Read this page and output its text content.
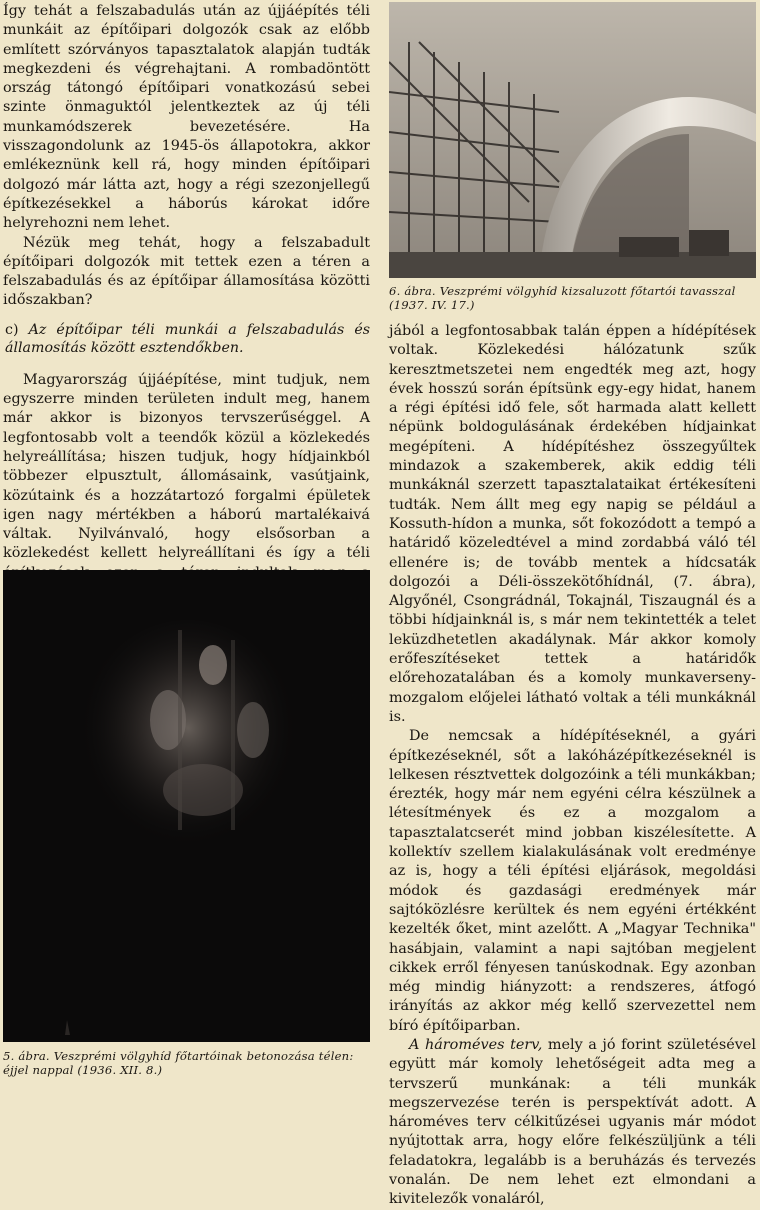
Így tehát a felszabadulás után az újjáépítés téli munkáit az építőipari dolgozók csak az előbb említett szórványos tapasztalatok alapján tudták megkezdeni és végrehajtani. A rombadöntött ország tátongó építőipari vonatkozású sebei szinte önmaguktól jelentkeztek az új téli munkamódszerek bevezetésére. Ha visszagondolunk az 1945-ös állapotokra, akkor emlékeznünk kell rá, hogy minden építőipari dolgozó már látta azt, hogy a régi szezonjellegű építkezésekkel a háborús károkat időre helyrehozni nem lehet.

Nézük meg tehát, hogy a felszabadult építőipari dolgozók mit tettek ezen a téren a felszabadulás és az építőipar államosítása közötti időszakban?

c) Az építőipar téli munkái a felszabadulás és államosítás között esztendőkben.

Magyarország újjáépítése, mint tudjuk, nem egyszerre minden területen indult meg, hanem már akkor is bizonyos tervszerűséggel. A legfontosabb volt a teendők közül a közlekedés helyreállítása; hiszen tudjuk, hogy hídjainkból többezer elpusztult, állomásaink, vasútjaink, közútaink és a hozzátartozó forgalmi épületek igen nagy mértékben a háború martalékaivá váltak. Nyilvánvaló, hogy elsősorban a közlekedést kellett helyreállítani és így a téli

5. ábra. Veszprémi völgyhíd főtartóinak betonozása télen: éjjel nappal (1936. XII. 8.)
6. ábra. Veszprémi völgyhíd kizsaluzott főtartói tavasszal (1937. IV. 17.)

jából a legfontosabbak talán éppen a hídépítések voltak. Közlekedési hálózatunk szűk keresztmetszetei nem engedték meg azt, hogy évek hosszú során építsünk egy-egy hidat, hanem a régi építési idő fele, sőt harmada alatt kellett népünk boldogulásának érdekében hídjainkat megépíteni. A hídépítéshez összegyűltek mindazok a szakemberek, akik eddig téli munkáknál szerzett tapasztalataikat értékesíteni tudták. Nem állt meg egy napig se például a Kossuth-hídon a munka, sőt fokozódott a tempó a határidő közeledtével a mind zordabbá váló tél ellenére is; de tovább mentek a hídcsaták dolgozói a Déli-összekötőhídnál, (7. ábra), Algyőnél, Csongrádnál, Tokajnál, Tiszaugnál és a többi hídjainknál is, s már nem tekintették a telet leküzdhetetlen akadálynak. Már akkor komoly erőfeszítéseket tettek a határidők előrehozatalában és a komoly munkaverseny-mozgalom előjelei látható voltak a téli munkáknál is.

De nemcsak a hídépítéseknél, a gyári építkezéseknél, sőt a lakóházépítkezéseknél is lelkesen résztvettek dolgozóink a téli munkákban; érezték, hogy már nem egyéni célra készülnek a létesítmények és ez a mozgalom a tapasztalatcserét mind jobban kiszélesítette. A kollektív szellem kialakulásának volt eredménye az is, hogy a téli építési eljárások, megoldási módok és gazdasági eredmények már sajtóközlésre kerültek és nem egyéni értékként kezelték őket, mint azelőtt. A „Magyar Technika" hasábjain, valamint a napi sajtóban megjelent cikkek erről fényesen tanúskodnak. Egy azonban még mindig hiányzott: a rendszeres, átfogó irányítás az akkor még kellő szervezettel nem bíró építőiparban.

A hároméves terv, mely a jó forint születésével együtt már komoly lehetőségeit adta meg a tervszerű munkának: a téli munkák megszervezése terén is perspektívát adott. A hároméves terv célkitűzései ugyanis már módot nyújtottak arra, hogy előre felkészüljünk a téli feladatokra, legalább is a beruházás és tervezés vonalán. De nem lehet ezt elmondani a kivitelezők vonaláról,
